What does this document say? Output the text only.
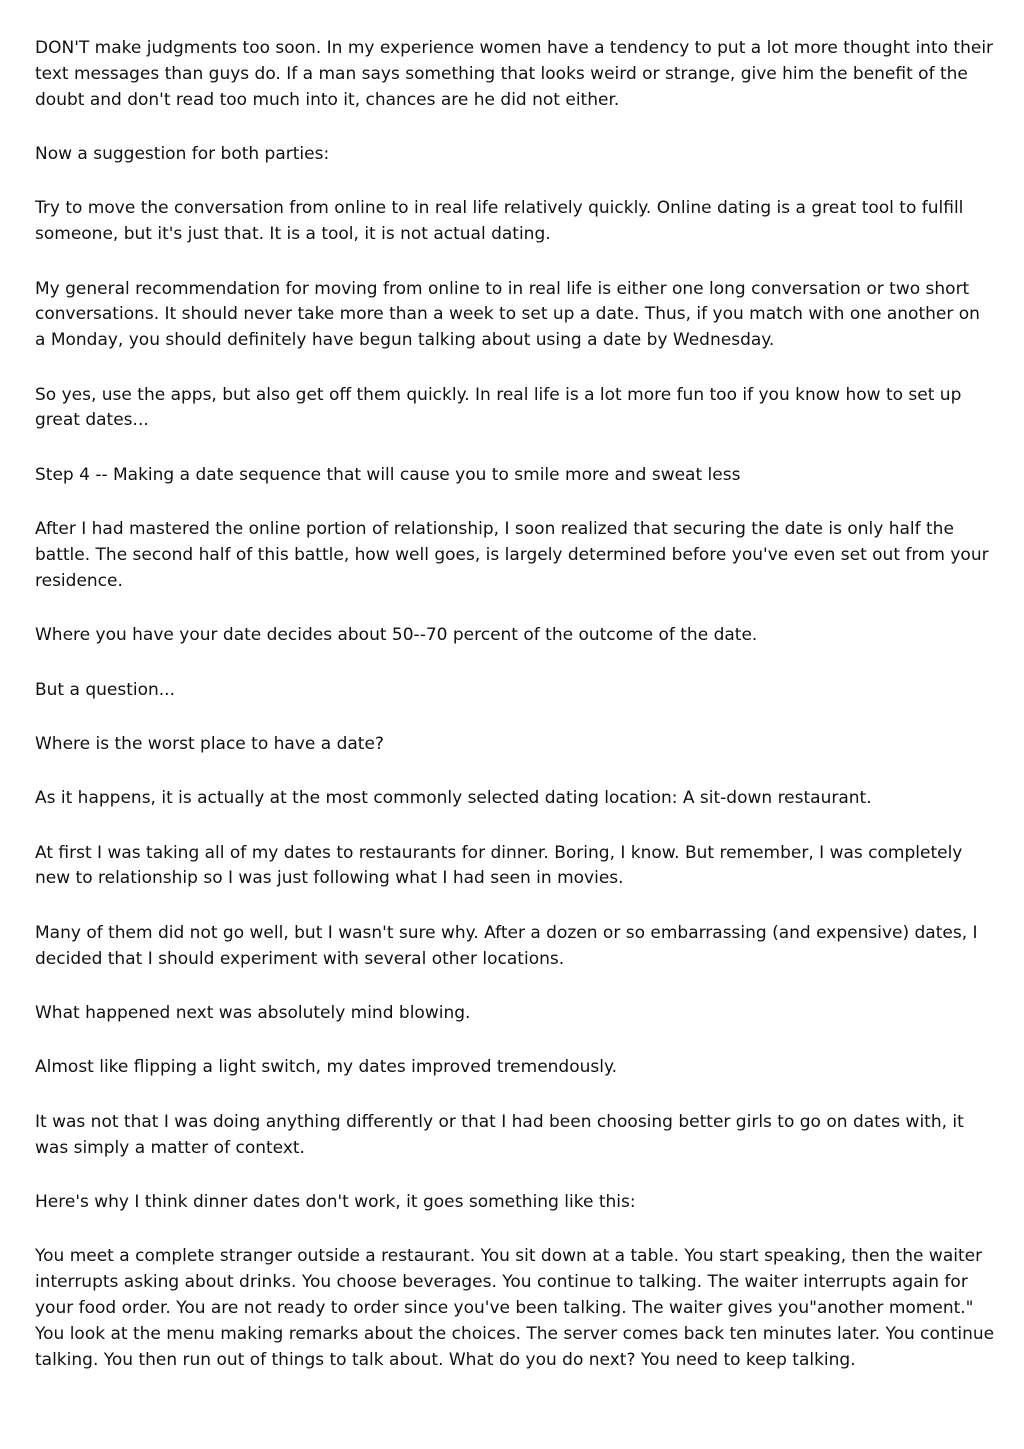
DON'T make judgments too soon. In my experience women have a tendency to put a lot more thought into their text messages than guys do. If a man says something that looks weird or strange, give him the benefit of the doubt and don't read too much into it, chances are he did not either.

Now a suggestion for both parties:

Try to move the conversation from online to in real life relatively quickly. Online dating is a great tool to fulfill someone, but it's just that. It is a tool, it is not actual dating.

My general recommendation for moving from online to in real life is either one long conversation or two short conversations. It should never take more than a week to set up a date. Thus, if you match with one another on a Monday, you should definitely have begun talking about using a date by Wednesday.

So yes, use the apps, but also get off them quickly. In real life is a lot more fun too if you know how to set up great dates...

Step 4 -- Making a date sequence that will cause you to smile more and sweat less

After I had mastered the online portion of relationship, I soon realized that securing the date is only half the battle. The second half of this battle, how well goes, is largely determined before you've even set out from your residence.

Where you have your date decides about 50--70 percent of the outcome of the date.

But a question...

Where is the worst place to have a date?

As it happens, it is actually at the most commonly selected dating location: A sit-down restaurant.

At first I was taking all of my dates to restaurants for dinner. Boring, I know. But remember, I was completely new to relationship so I was just following what I had seen in movies.

Many of them did not go well, but I wasn't sure why. After a dozen or so embarrassing (and expensive) dates, I decided that I should experiment with several other locations.

What happened next was absolutely mind blowing.

Almost like flipping a light switch, my dates improved tremendously.

It was not that I was doing anything differently or that I had been choosing better girls to go on dates with, it was simply a matter of context.

Here's why I think dinner dates don't work, it goes something like this:

You meet a complete stranger outside a restaurant. You sit down at a table. You start speaking, then the waiter interrupts asking about drinks. You choose beverages. You continue to talking. The waiter interrupts again for your food order. You are not ready to order since you've been talking. The waiter gives you"another moment." You look at the menu making remarks about the choices. The server comes back ten minutes later. You continue talking. You then run out of things to talk about. What do you do next? You need to keep talking.
